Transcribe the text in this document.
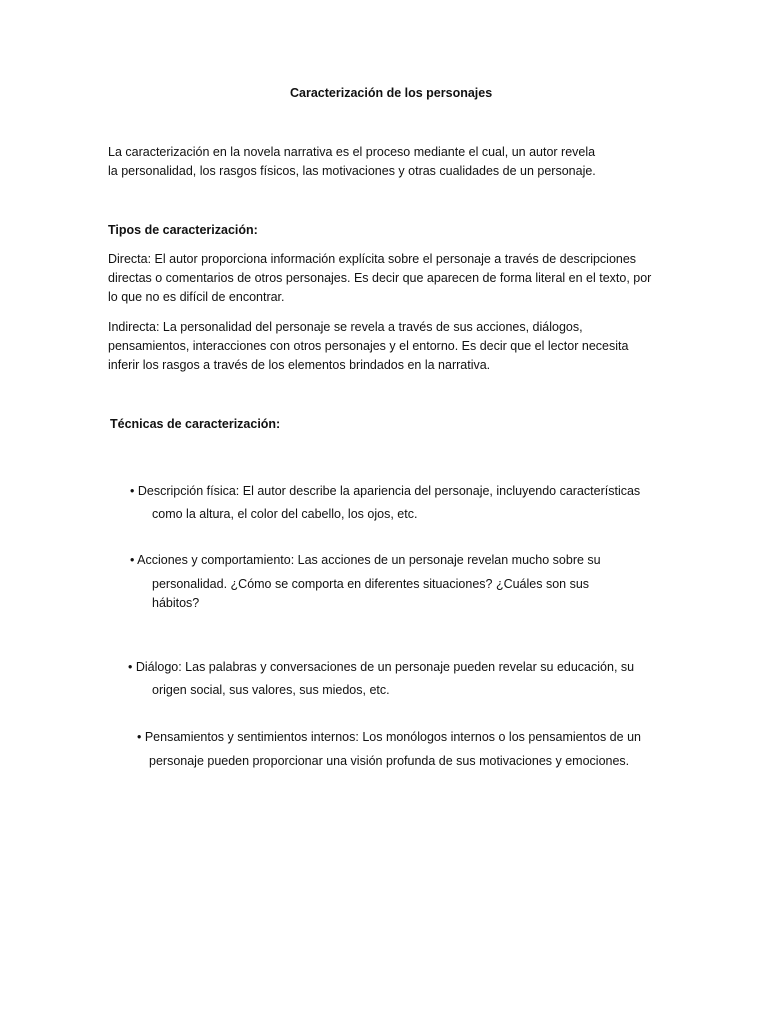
Caracterización de los personajes

La caracterización en la novela narrativa es el proceso mediante el cual, un autor revela

la personalidad, los rasgos físicos, las motivaciones y otras cualidades de un personaje.

Tipos de caracterización:

Directa: El autor proporciona información explícita sobre el personaje a través de descripciones

directas o comentarios de otros personajes. Es decir que aparecen de forma literal en el texto, por

lo que no es difícil de encontrar.

Indirecta: La personalidad del personaje se revela a través de sus acciones, diálogos,

pensamientos, interacciones con otros personajes y el entorno. Es decir que el lector necesita

inferir los rasgos a través de los elementos brindados en la narrativa.

Técnicas de caracterización:

• Descripción física: El autor describe la apariencia del personaje, incluyendo características

como la altura, el color del cabello, los ojos, etc.

• Acciones y comportamiento: Las acciones de un personaje revelan mucho sobre su

personalidad. ¿Cómo se comporta en diferentes situaciones? ¿Cuáles son sus

hábitos?

• Diálogo: Las palabras y conversaciones de un personaje pueden revelar su educación, su

origen social, sus valores, sus miedos, etc.

• Pensamientos y sentimientos internos: Los monólogos internos o los pensamientos de un

personaje pueden proporcionar una visión profunda de sus motivaciones y emociones.
